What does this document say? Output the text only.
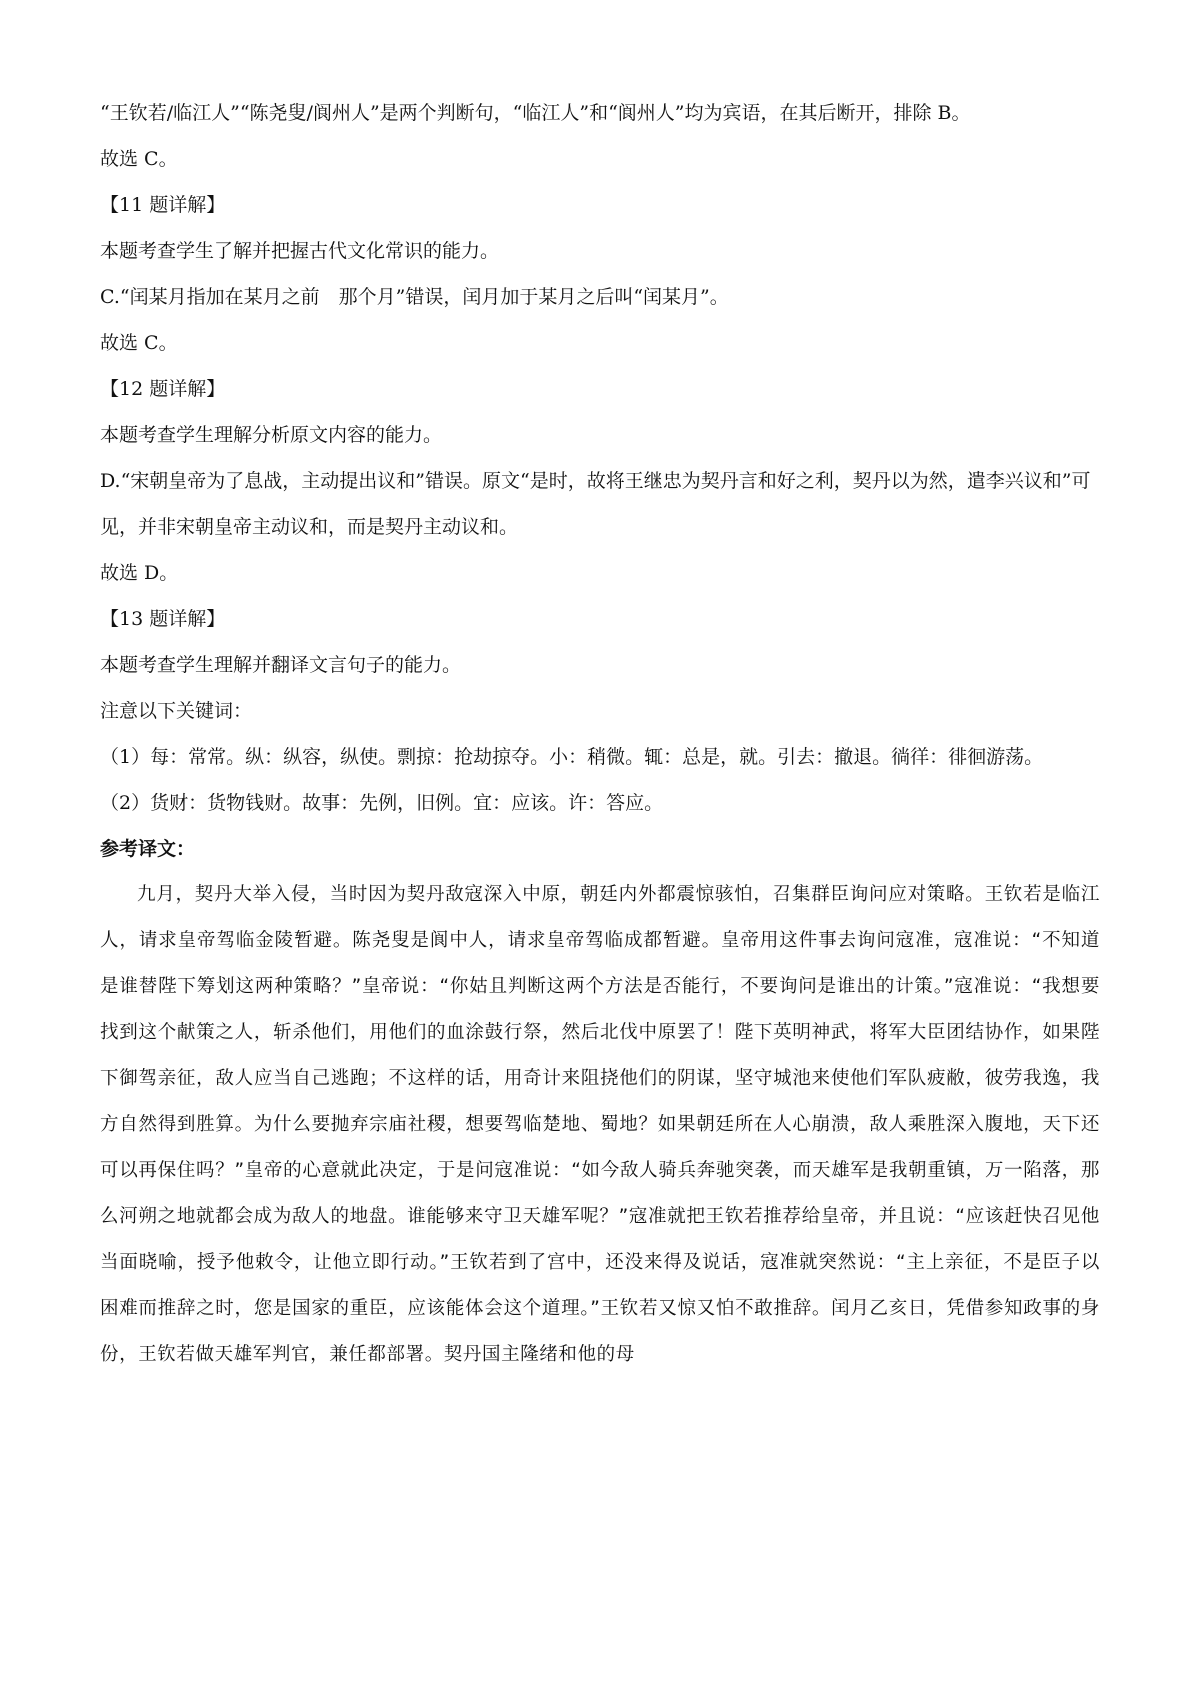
“王钦若/临江人”“陈尧叟/阆州人”是两个判断句，“临江人”和“阆州人”均为宾语，在其后断开，排除 B。

故选 C。

【11 题详解】

本题考查学生了解并把握古代文化常识的能力。

C.“闰某月指加在某月之前　那个月”错误，闰月加于某月之后叫“闰某月”。

故选 C。

【12 题详解】

本题考查学生理解分析原文内容的能力。

D.“宋朝皇帝为了息战，主动提出议和”错误。原文“是时，故将王继忠为契丹言和好之利，契丹以为然，遣李兴议和”可见，并非宋朝皇帝主动议和，而是契丹主动议和。

故选 D。

【13 题详解】

本题考查学生理解并翻译文言句子的能力。

注意以下关键词：

（1）每：常常。纵：纵容，纵使。剽掠：抢劫掠夺。小：稍微。辄：总是，就。引去：撤退。徜徉：徘徊游荡。

（2）货财：货物钱财。故事：先例，旧例。宜：应该。许：答应。

参考译文：

九月，契丹大举入侵，当时因为契丹敌寇深入中原，朝廷内外都震惊骇怕，召集群臣询问应对策略。王钦若是临江人，请求皇帝驾临金陵暂避。陈尧叟是阆中人，请求皇帝驾临成都暂避。皇帝用这件事去询问寇准，寇准说：“不知道是谁替陛下筹划这两种策略？”皇帝说：“你姑且判断这两个方法是否能行，不要询问是谁出的计策。”寇准说：“我想要找到这个献策之人，斩杀他们，用他们的血涂鼓行祭，然后北伐中原罢了！陛下英明神武，将军大臣团结协作，如果陛下御驾亲征，敌人应当自己逃跑；不这样的话，用奇计来阻挠他们的阴谋，坚守城池来使他们军队疲敝，彼劳我逸，我方自然得到胜算。为什么要抛弃宗庙社稷，想要驾临楚地、蜀地？如果朝廷所在人心崩溃，敌人乘胜深入腹地，天下还可以再保住吗？”皇帝的心意就此决定，于是问寇准说：“如今敌人骑兵奔驰突袭，而天雄军是我朝重镇，万一陷落，那么河朔之地就都会成为敌人的地盘。谁能够来守卫天雄军呢？”寇准就把王钦若推荐给皇帝，并且说：“应该赶快召见他当面晓喻，授予他敕令，让他立即行动。”王钦若到了宫中，还没来得及说话，寇准就突然说：“主上亲征，不是臣子以困难而推辞之时，您是国家的重臣，应该能体会这个道理。”王钦若又惊又怕不敢推辞。闰月乙亥日，凭借参知政事的身份，王钦若做天雄军判官，兼任都部署。契丹国主隆绪和他的母
